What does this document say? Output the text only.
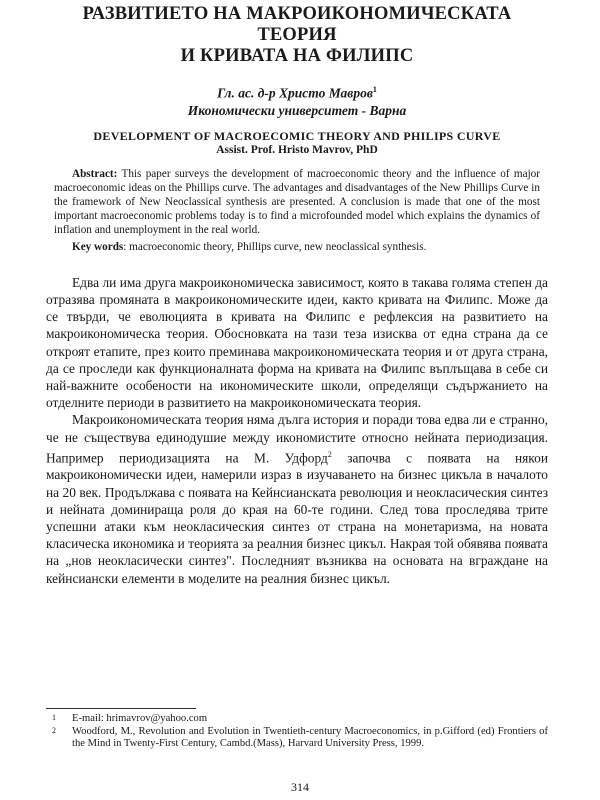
РАЗВИТИЕТО НА МАКРОИКОНОМИЧЕСКАТА ТЕОРИЯ
И КРИВАТА НА ФИЛИПС
Гл. ас. д-р Христо Мавров$^1$
Икономически университет - Варна
DEVELOPMENT OF MACROECOMIC THEORY AND PHILIPS CURVE
Assist. Prof. Hristo Mavrov, PhD
Abstract: This paper surveys the development of macroeconomic theory and the influence of major macroeconomic ideas on the Phillips curve. The advantages and disadvantages of the New Phillips Curve in the framework of New Neoclassical synthesis are presented. A conclusion is made that one of the most important macroeconomic problems today is to find a microfounded model which explains the dynamics of inflation and unemployment in the real world.
Key words: macroeconomic theory, Phillips curve, new neoclassical synthesis.

Едва ли има друга макроикономическа зависимост, която в такава голяма степен да отразява промяната в макроикономическите идеи, както кривата на Филипс. Може да се твърди, че еволюцията в кривата на Филипс е рефлексия на развитието на макроикономическа теория. Обосновката на тази теза изисква от една страна да се откроят етапите, през които преминава макроикономическата теория и от друга страна, да се проследи как функционалната форма на кривата на Филипс въплъщава в себе си най-важните особености на икономическите школи, определящи съдържанието на отделните периоди в развитието на макроикономическата теория.

Макроикономическата теория няма дълга история и поради това едва ли е странно, че не съществува единодушие между икономистите относно нейната периодизация. Например периодизацията на М. Удфорд$^2$ започва с появата на някои макроикономически идеи, намерили израз в изучаването на бизнес цикъла в началото на 20 век. Продължава с появата на Кейнсианската революция и неокласическия синтез и нейната доминираща роля до края на 60-те години. След това проследява трите успешни атаки към неокласическия синтез от страна на монетаризма, на новата класическа икономика и теорията за реалния бизнес цикъл. Накрая той обявява появата на „нов неокласически синтез". Последният възниква на основата на вграждане на кейнсиански елементи в моделите на реалния бизнес цикъл.

1 E-mail: hrimavrov@yahoo.com
2 Woodford, M., Revolution and Evolution in Twentieth-century Macroeconomics, in p.Gifford (ed) Frontiers of the Mind in Twenty-First Century, Cambd.(Mass), Harvard University Press, 1999.
314
